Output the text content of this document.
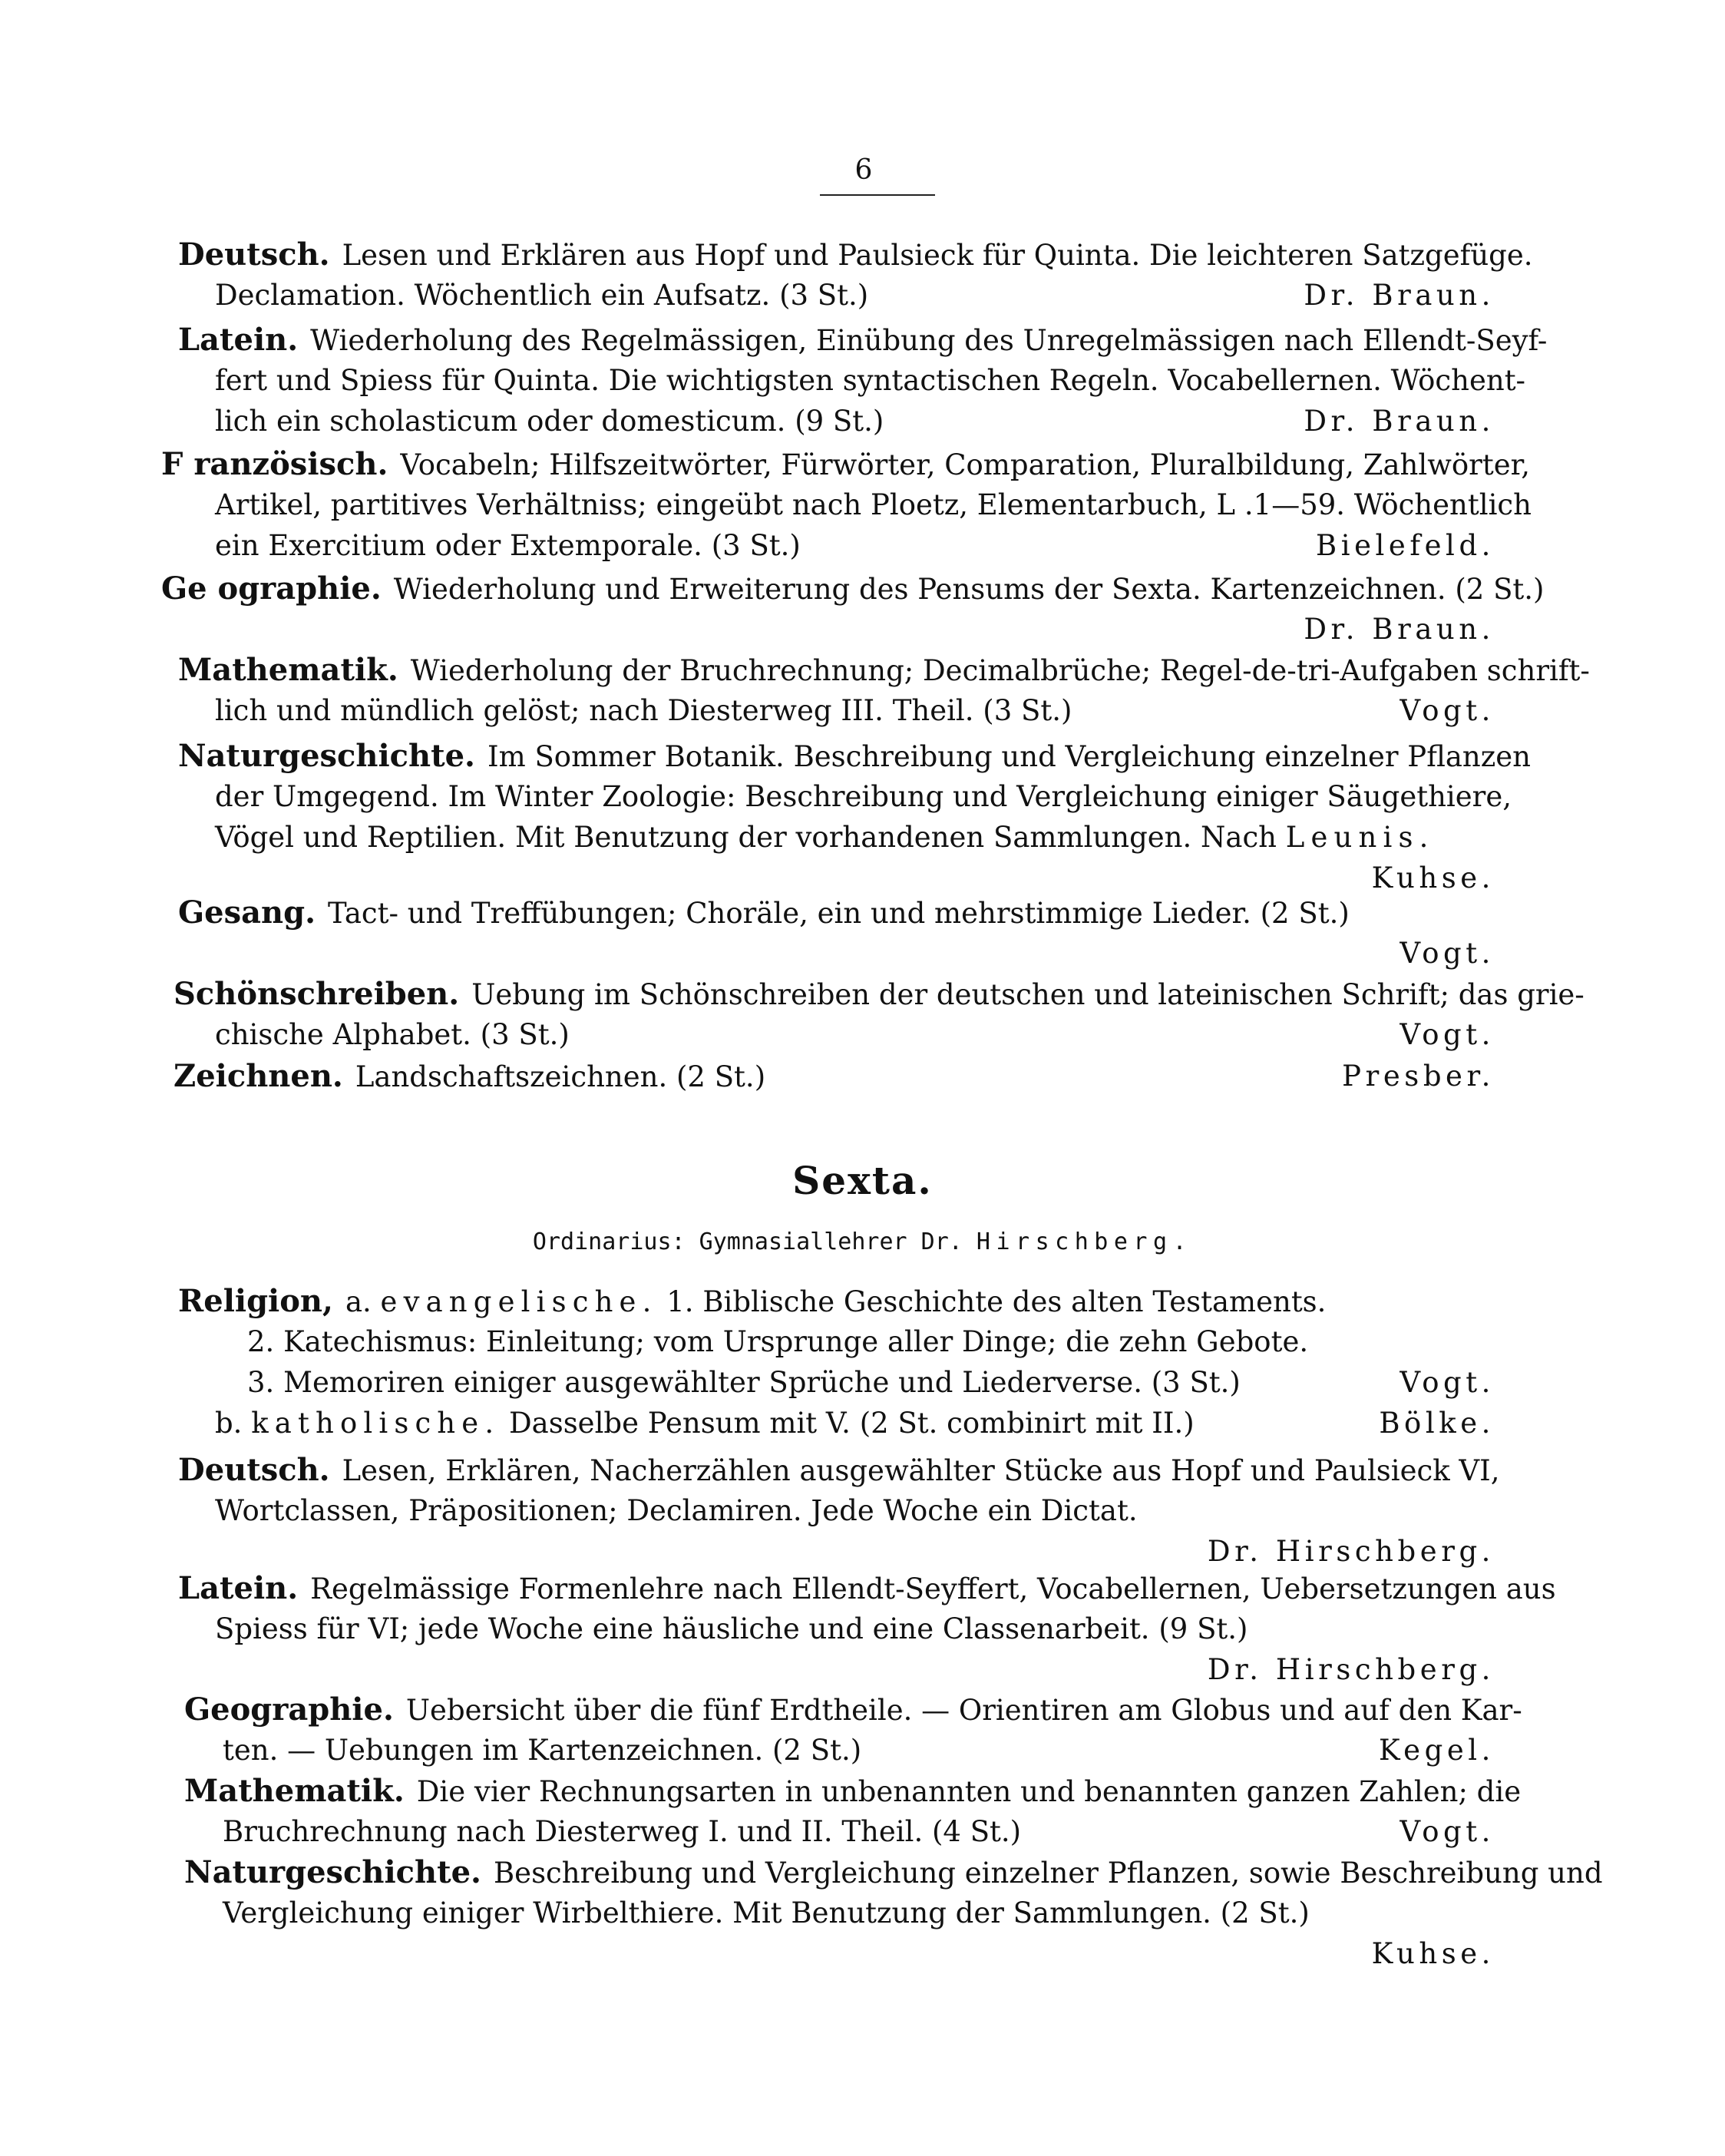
6
Deutsch. Lesen und Erklären aus Hopf und Paulsieck für Quinta. Die leichteren Satzgefüge.
Declamation. Wöchentlich ein Aufsatz. (3 St.)	Dr. Braun.
Latein. Wiederholung des Regelmässigen, Einübung des Unregelmässigen nach Ellendt-Seyf-
fert und Spiess für Quinta. Die wichtigsten syntactischen Regeln. Vocabellernen. Wöchent-
lich ein scholasticum oder domesticum. (9 St.)	Dr. Braun.
F ranzösisch. Vocabeln; Hilfszeitwörter, Fürwörter, Comparation, Pluralbildung, Zahlwörter,
Artikel, partitives Verhältniss; eingeübt nach Ploetz, Elementarbuch, L .1—59. Wöchentlich
ein Exercitium oder Extemporale. (3 St.)	Bielefeld.
Ge ographie. Wiederholung und Erweiterung des Pensums der Sexta. Kartenzeichnen. (2 St.)
Dr. Braun.
Mathematik. Wiederholung der Bruchrechnung; Decimalbrüche; Regel-de-tri-Aufgaben schrift-
lich und mündlich gelöst; nach Diesterweg III. Theil. (3 St.)	Vogt.
Naturgeschichte. Im Sommer Botanik. Beschreibung und Vergleichung einzelner Pflanzen
der Umgegend. Im Winter Zoologie: Beschreibung und Vergleichung einiger Säugethiere,
Vögel und Reptilien. Mit Benutzung der vorhandenen Sammlungen. Nach Leunis.
Kuhse.
Gesang. Tact- und Treffübungen; Choräle, ein und mehrstimmige Lieder. (2 St.)
Vogt.
Schönschreiben. Uebung im Schönschreiben der deutschen und lateinischen Schrift; das grie-
chische Alphabet. (3 St.)	Vogt.
Zeichnen. Landschaftszeichnen. (2 St.)	Presber.
Sexta.
Ordinarius: Gymnasiallehrer Dr. Hirschberg.
Religion, a. evangelische. 1. Biblische Geschichte des alten Testaments.
2. Katechismus: Einleitung; vom Ursprunge aller Dinge; die zehn Gebote.
3. Memoriren einiger ausgewählter Sprüche und Liederverse. (3 St.)	Vogt.
b. katholische. Dasselbe Pensum mit V. (2 St. combinirt mit II.)	Bölke.
Deutsch. Lesen, Erklären, Nacherzählen ausgewählter Stücke aus Hopf und Paulsieck VI,
Wortclassen, Präpositionen; Declamiren. Jede Woche ein Dictat.
Dr. Hirschberg.
Latein. Regelmässige Formenlehre nach Ellendt-Seyffert, Vocabellernen, Uebersetzungen aus
Spiess für VI; jede Woche eine häusliche und eine Classenarbeit. (9 St.)
Dr. Hirschberg.
Geographie. Uebersicht über die fünf Erdtheile. — Orientiren am Globus und auf den Kar-
ten. — Uebungen im Kartenzeichnen. (2 St.)	Kegel.
Mathematik. Die vier Rechnungsarten in unbenannten und benannten ganzen Zahlen; die
Bruchrechnung nach Diesterweg I. und II. Theil. (4 St.)	Vogt.
Naturgeschichte. Beschreibung und Vergleichung einzelner Pflanzen, sowie Beschreibung und
Vergleichung einiger Wirbelthiere. Mit Benutzung der Sammlungen. (2 St.)
Kuhse.
